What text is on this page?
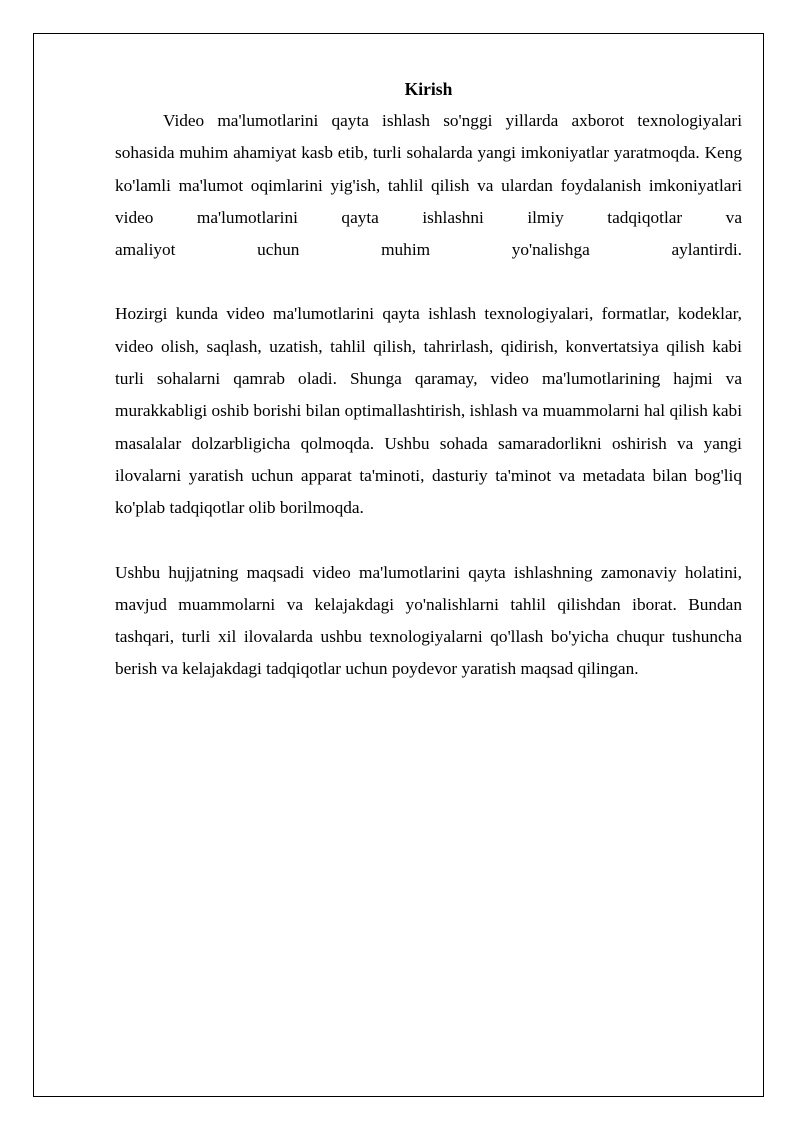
Kirish

Video ma'lumotlarini qayta ishlash so'nggi yillarda axborot texnologiyalari sohasida muhim ahamiyat kasb etib, turli sohalarda yangi imkoniyatlar yaratmoqda. Keng ko'lamli ma'lumot oqimlarini yig'ish, tahlil qilish va ulardan foydalanish imkoniyatlari video ma'lumotlarini qayta ishlashni ilmiy tadqiqotlar va amaliyot uchun muhim yo'nalishga aylantirdi.

Hozirgi kunda video ma'lumotlarini qayta ishlash texnologiyalari, formatlar, kodeklar, video olish, saqlash, uzatish, tahlil qilish, tahrirlash, qidirish, konvertatsiya qilish kabi turli sohalarni qamrab oladi. Shunga qaramay, video ma'lumotlarining hajmi va murakkabligi oshib borishi bilan optimallashtirish, ishlash va muammolarni hal qilish kabi masalalar dolzarbligicha qolmoqda. Ushbu sohada samaradorlikni oshirish va yangi ilovalarni yaratish uchun apparat ta'minoti, dasturiy ta'minot va metadata bilan bog'liq ko'plab tadqiqotlar olib borilmoqda.

Ushbu hujjatning maqsadi video ma'lumotlarini qayta ishlashning zamonaviy holatini, mavjud muammolarni va kelajakdagi yo'nalishlarni tahlil qilishdan iborat. Bundan tashqari, turli xil ilovalarda ushbu texnologiyalarni qo'llash bo'yicha chuqur tushuncha berish va kelajakdagi tadqiqotlar uchun poydevor yaratish maqsad qilingan.
